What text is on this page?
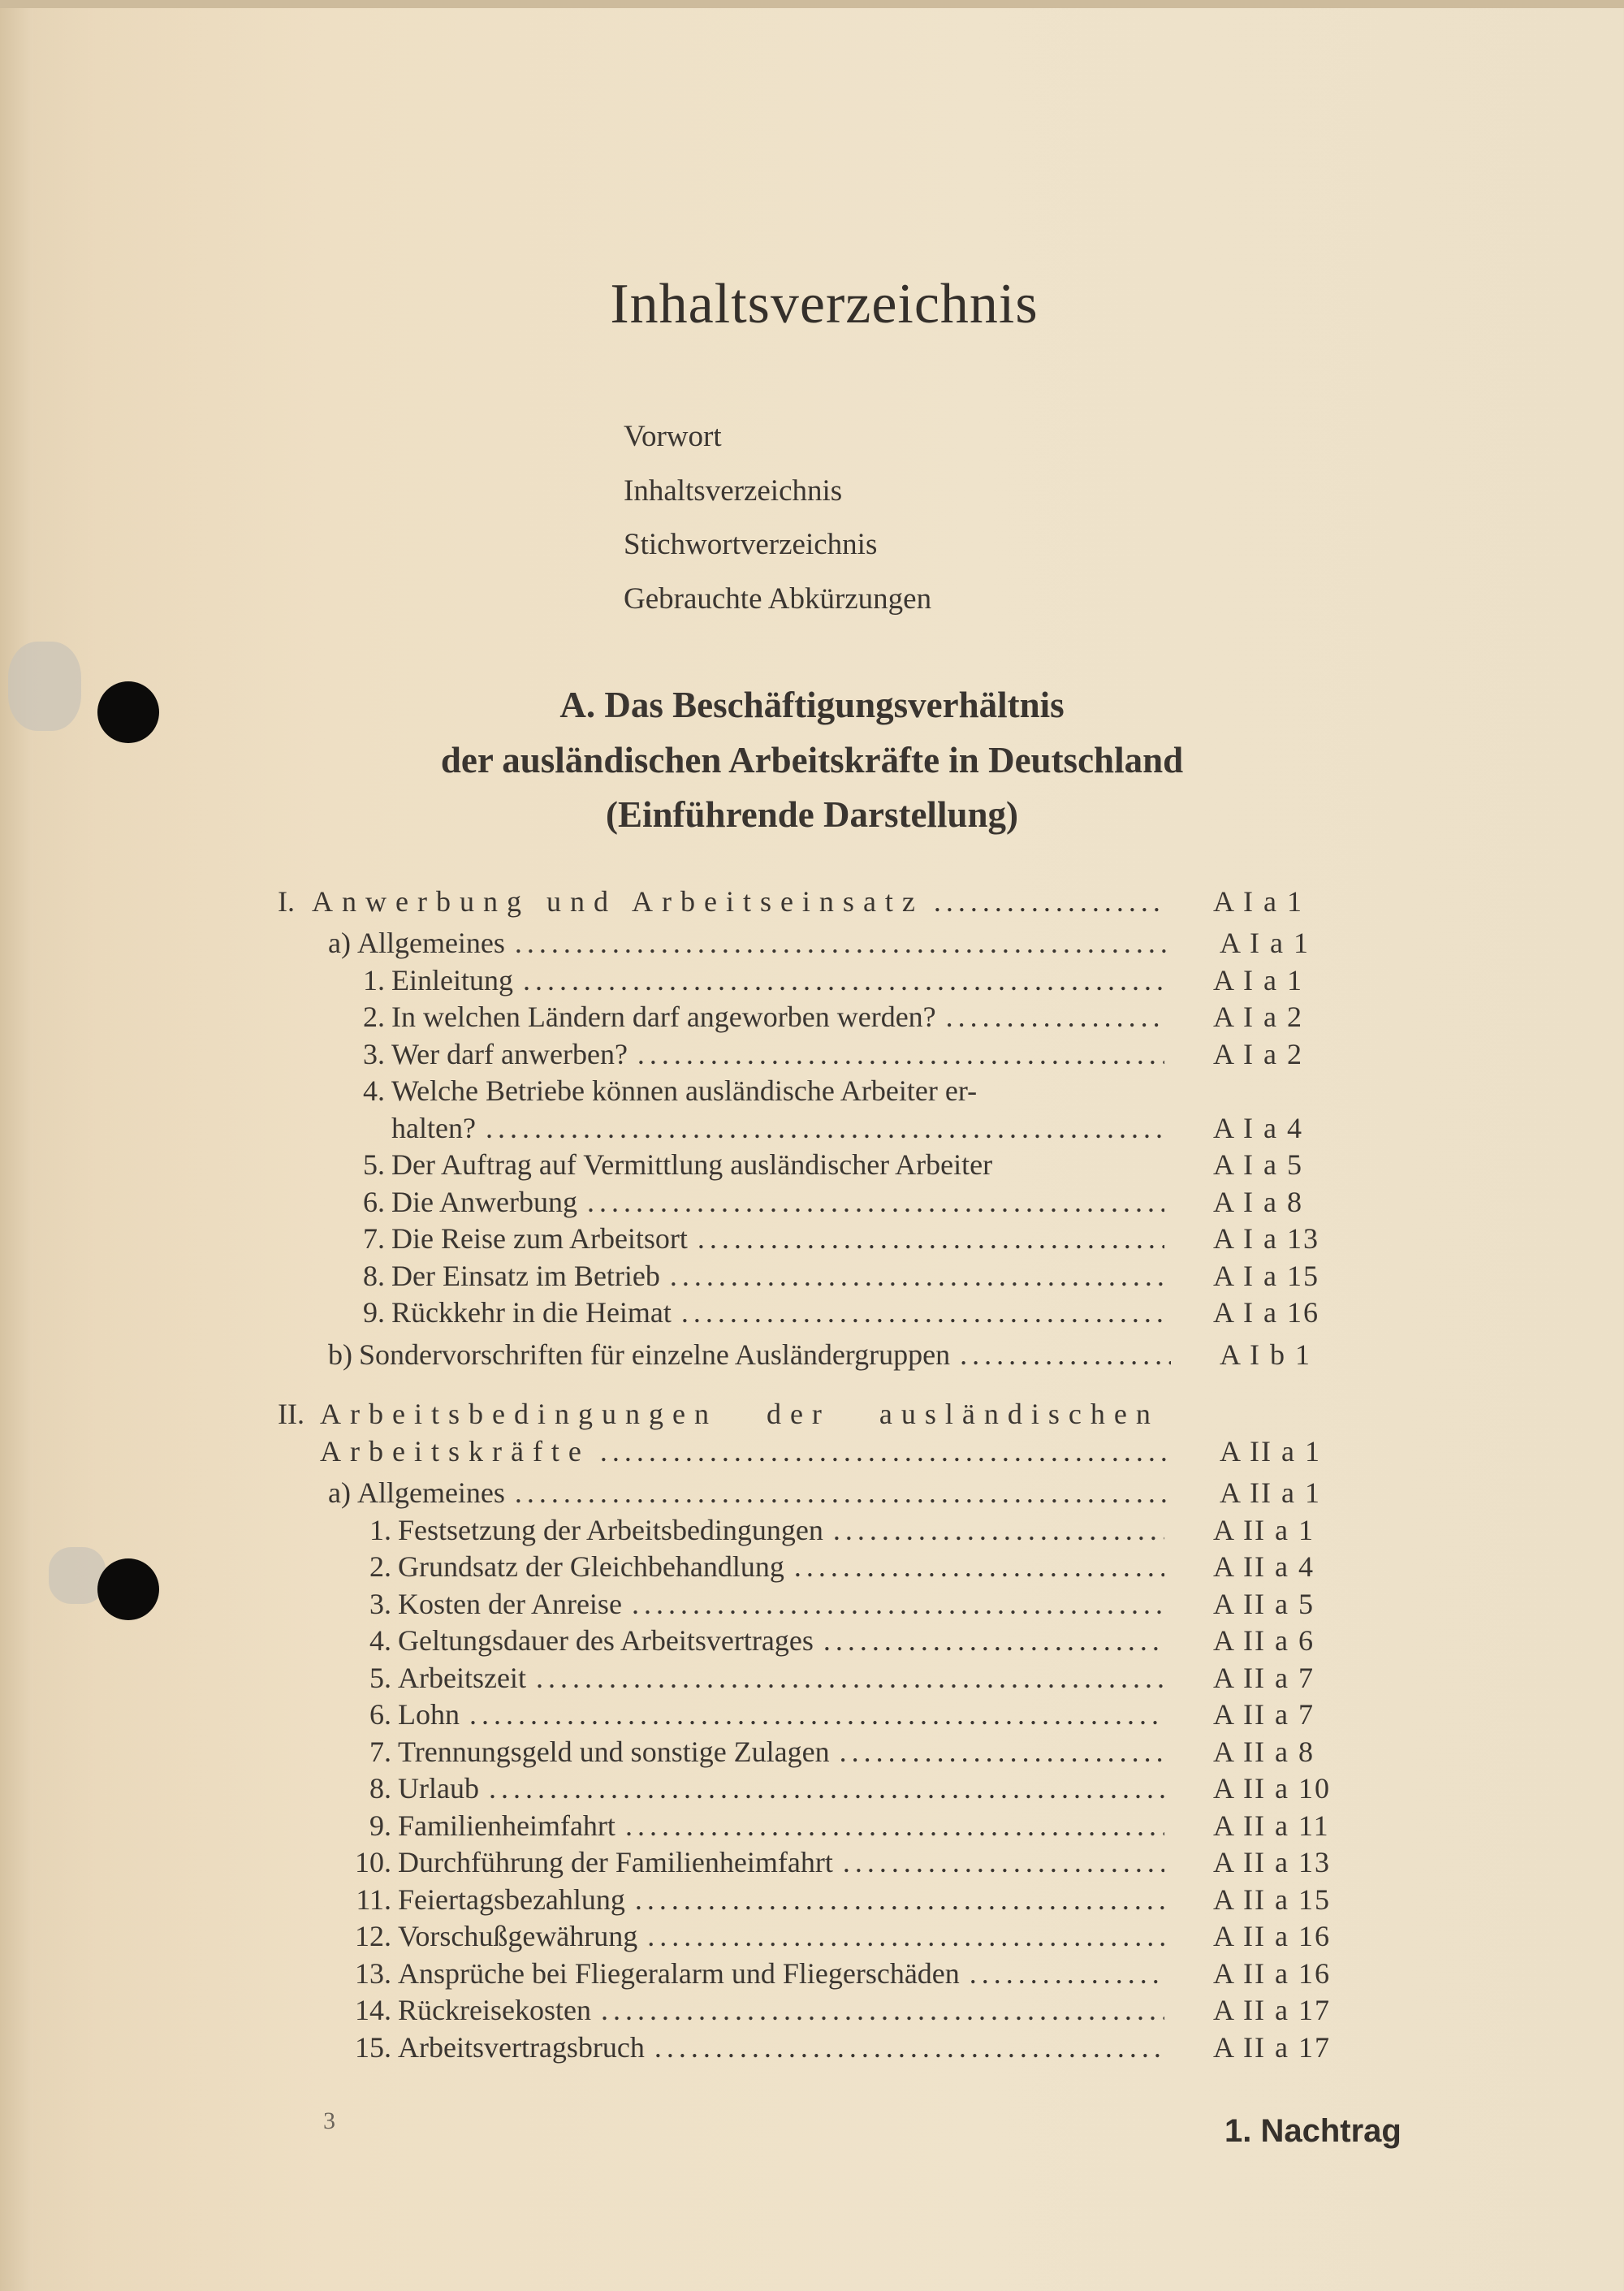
Inhaltsverzeichnis
Vorwort
Inhaltsverzeichnis
Stichwortverzeichnis
Gebrauchte Abkürzungen
A. Das Beschäftigungsverhältnis
der ausländischen Arbeitskräfte in Deutschland
(Einführende Darstellung)
I. Anwerbung und Arbeitseinsatz .....	A I a 1
a) Allgemeines .....	A I a 1
1. Einleitung .....	A I a 1
2. In welchen Ländern darf angeworben werden? .....	A I a 2
3. Wer darf anwerben? .....	A I a 2
4. Welche Betriebe können ausländische Arbeiter er-
halten? .....	A I a 4
5. Der Auftrag auf Vermittlung ausländischer Arbeiter	A I a 5
6. Die Anwerbung .....	A I a 8
7. Die Reise zum Arbeitsort .....	A I a 13
8. Der Einsatz im Betrieb .....	A I a 15
9. Rückkehr in die Heimat .....	A I a 16
b) Sondervorschriften für einzelne Ausländergruppen .....	A I b 1
II. Arbeitsbedingungen der ausländischen
Arbeitskräfte .....	A II a 1
a) Allgemeines .....	A II a 1
1. Festsetzung der Arbeitsbedingungen .....	A II a 1
2. Grundsatz der Gleichbehandlung .....	A II a 4
3. Kosten der Anreise .....	A II a 5
4. Geltungsdauer des Arbeitsvertrages .....	A II a 6
5. Arbeitszeit .....	A II a 7
6. Lohn .....	A II a 7
7. Trennungsgeld und sonstige Zulagen .....	A II a 8
8. Urlaub .....	A II a 10
9. Familienheimfahrt .....	A II a 11
10. Durchführung der Familienheimfahrt .....	A II a 13
11. Feiertagsbezahlung .....	A II a 15
12. Vorschußgewährung .....	A II a 16
13. Ansprüche bei Fliegeralarm und Fliegerschäden .....	A II a 16
14. Rückreisekosten .....	A II a 17
15. Arbeitsvertragsbruch .....	A II a 17
3	1. Nachtrag
